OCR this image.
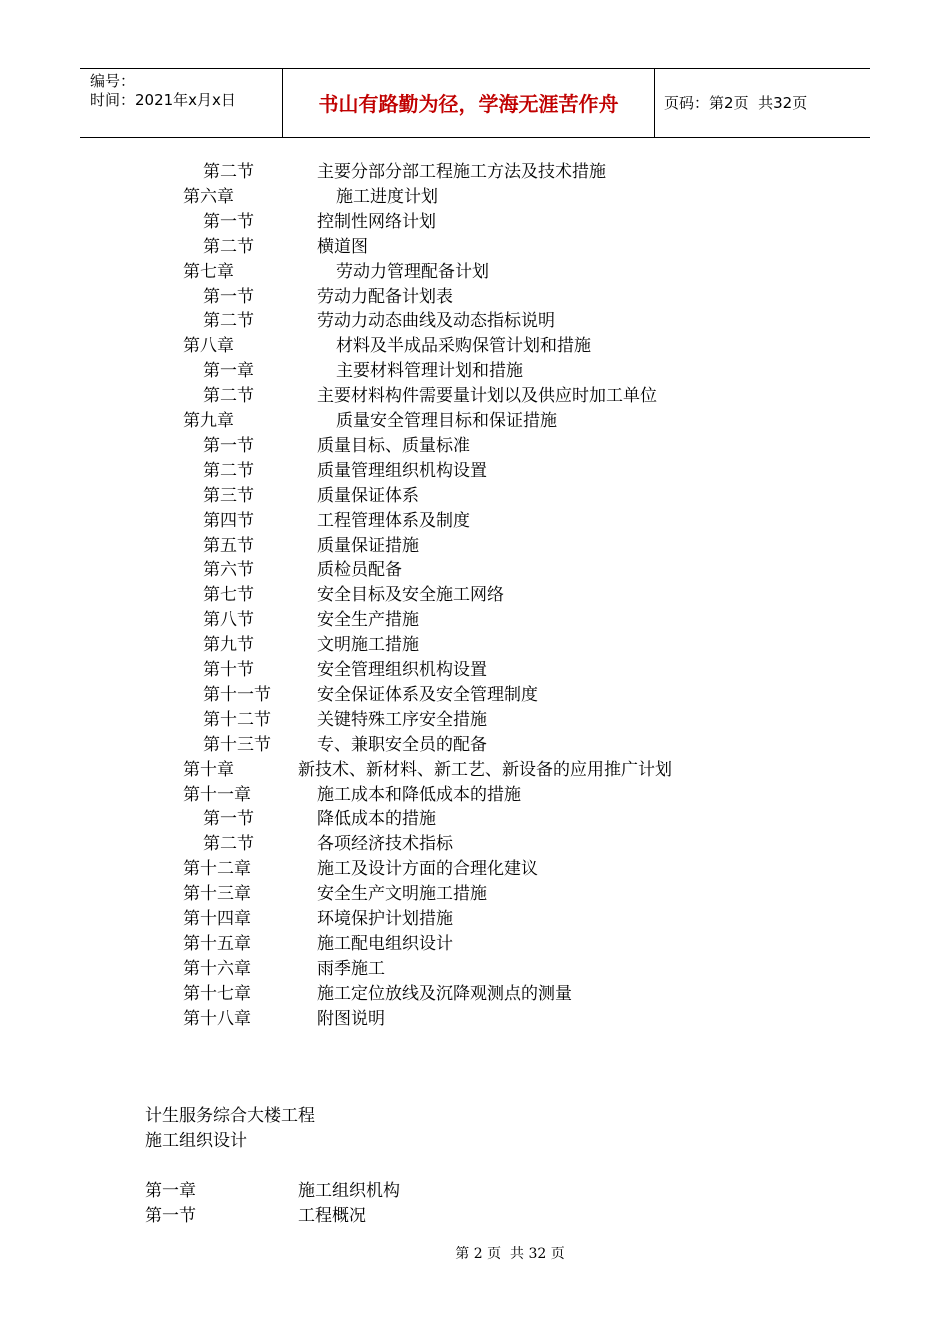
编号：
时间：2021年x月x日	书山有路勤为径，学海无涯苦作舟	页码：第2页  共32页
第二节	主要分部分部工程施工方法及技术措施
第六章	施工进度计划
第一节	控制性网络计划
第二节	横道图
第七章	劳动力管理配备计划
第一节	劳动力配备计划表
第二节	劳动力动态曲线及动态指标说明
第八章	材料及半成品采购保管计划和措施
第一章	主要材料管理计划和措施
第二节	主要材料构件需要量计划以及供应时加工单位
第九章	质量安全管理目标和保证措施
第一节	质量目标、质量标准
第二节	质量管理组织机构设置
第三节	质量保证体系
第四节	工程管理体系及制度
第五节	质量保证措施
第六节	质检员配备
第七节	安全目标及安全施工网络
第八节	安全生产措施
第九节	文明施工措施
第十节	安全管理组织机构设置
第十一节	安全保证体系及安全管理制度
第十二节	关键特殊工序安全措施
第十三节	专、兼职安全员的配备
第十章	新技术、新材料、新工艺、新设备的应用推广计划
第十一章	施工成本和降低成本的措施
第一节	降低成本的措施
第二节	各项经济技术指标
第十二章	施工及设计方面的合理化建议
第十三章	安全生产文明施工措施
第十四章	环境保护计划措施
第十五章	施工配电组织设计
第十六章	雨季施工
第十七章	施工定位放线及沉降观测点的测量
第十八章	附图说明
计生服务综合大楼工程
施工组织设计
第一章	施工组织机构
第一节	工程概况
第 2 页  共 32 页
